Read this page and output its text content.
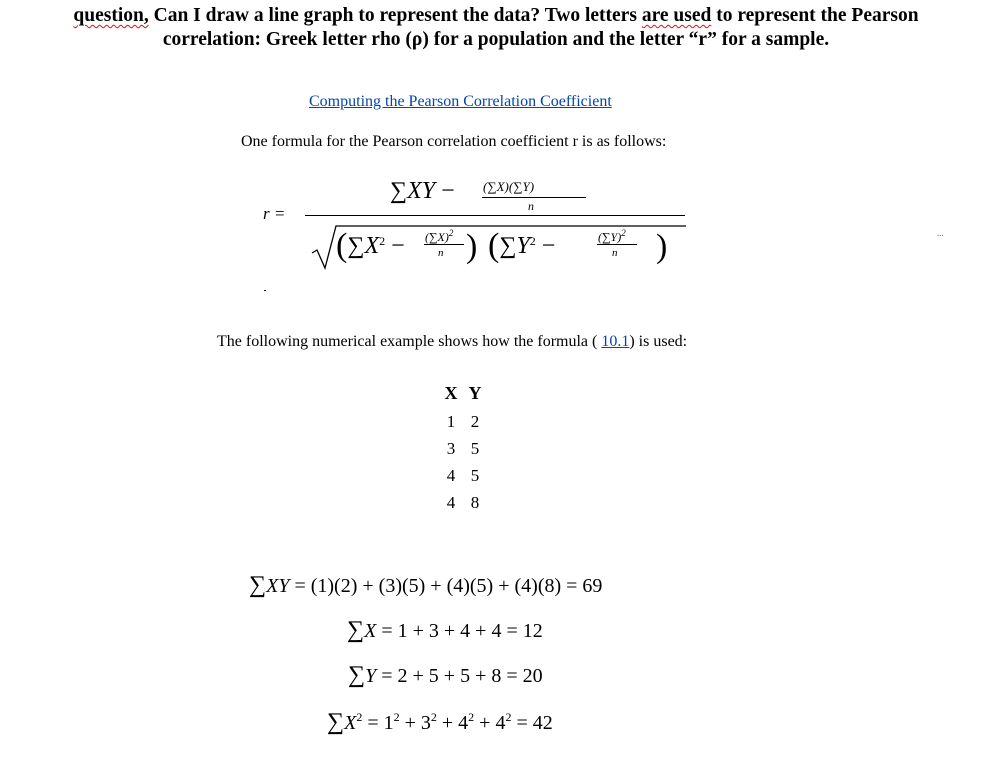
question, Can I draw a line graph to represent the data? Two letters are used to represent the Pearson
correlation: Greek letter rho (ρ) for a population and the letter “r” for a sample.
Computing the Pearson Correlation Coefficient
One formula for the Pearson correlation coefficient r is as follows:
r =
∑XY − (∑X)(∑Y)
n
($\sum X^2 - (\sum X)^2$
n ) ($\sum Y^2$ −	$(\sum Y)^2$
n )	...
The following numerical example shows how the formula ( 10.1) is used:
X	Y
1	2
3	5
4	5
4	8
∑XY = (1)(2) + (3)(5) + (4)(5) + (4)(8) = 69
∑X = 1 + 3 + 4 + 4 = 12
∑Y = 2 + 5 + 5 + 8 = 20
$\sum X^2 = 1^2 + 3^2 + 4^2 + 4^2 = 42$
